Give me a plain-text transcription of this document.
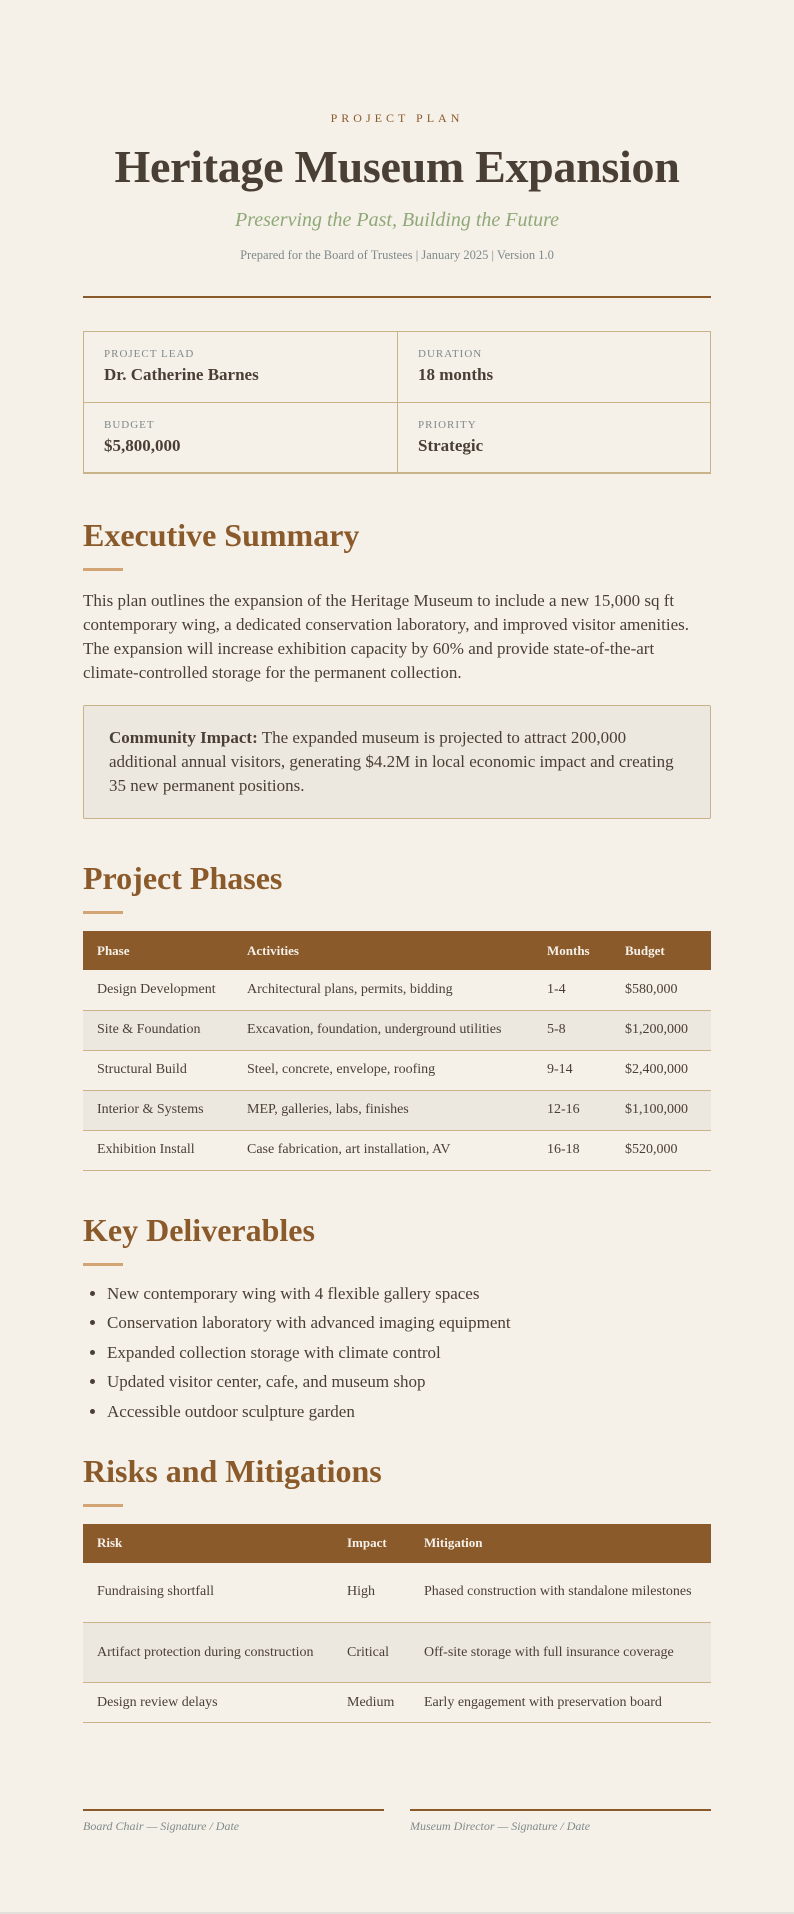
PROJECT PLAN
Heritage Museum Expansion
Preserving the Past, Building the Future
Prepared for the Board of Trustees | January 2025 | Version 1.0
PROJECT LEAD
Dr. Catherine Barnes
DURATION
18 months
BUDGET
$5,800,000
PRIORITY
Strategic
Executive Summary

This plan outlines the expansion of the Heritage Museum to include a new 15,000 sq ft contemporary wing, a dedicated conservation laboratory, and improved visitor amenities. The expansion will increase exhibition capacity by 60% and provide state-of-the-art climate-controlled storage for the permanent collection.

Community Impact: The expanded museum is projected to attract 200,000 additional annual visitors, generating $4.2M in local economic impact and creating 35 new permanent positions.
Project Phases
Phase	Activities	Months	Budget
Design Development	Architectural plans, permits, bidding	1-4	$580,000
Site & Foundation	Excavation, foundation, underground utilities	5-8	$1,200,000
Structural Build	Steel, concrete, envelope, roofing	9-14	$2,400,000
Interior & Systems	MEP, galleries, labs, finishes	12-16	$1,100,000
Exhibition Install	Case fabrication, art installation, AV	16-18	$520,000
Key Deliverables
• New contemporary wing with 4 flexible gallery spaces
• Conservation laboratory with advanced imaging equipment
• Expanded collection storage with climate control
• Updated visitor center, cafe, and museum shop
• Accessible outdoor sculpture garden
Risks and Mitigations
Risk	Impact	Mitigation
Fundraising shortfall	High	Phased construction with standalone milestones
Artifact protection during construction	Critical	Off-site storage with full insurance coverage
Design review delays	Medium	Early engagement with preservation board
Board Chair — Signature / Date	Museum Director — Signature / Date
